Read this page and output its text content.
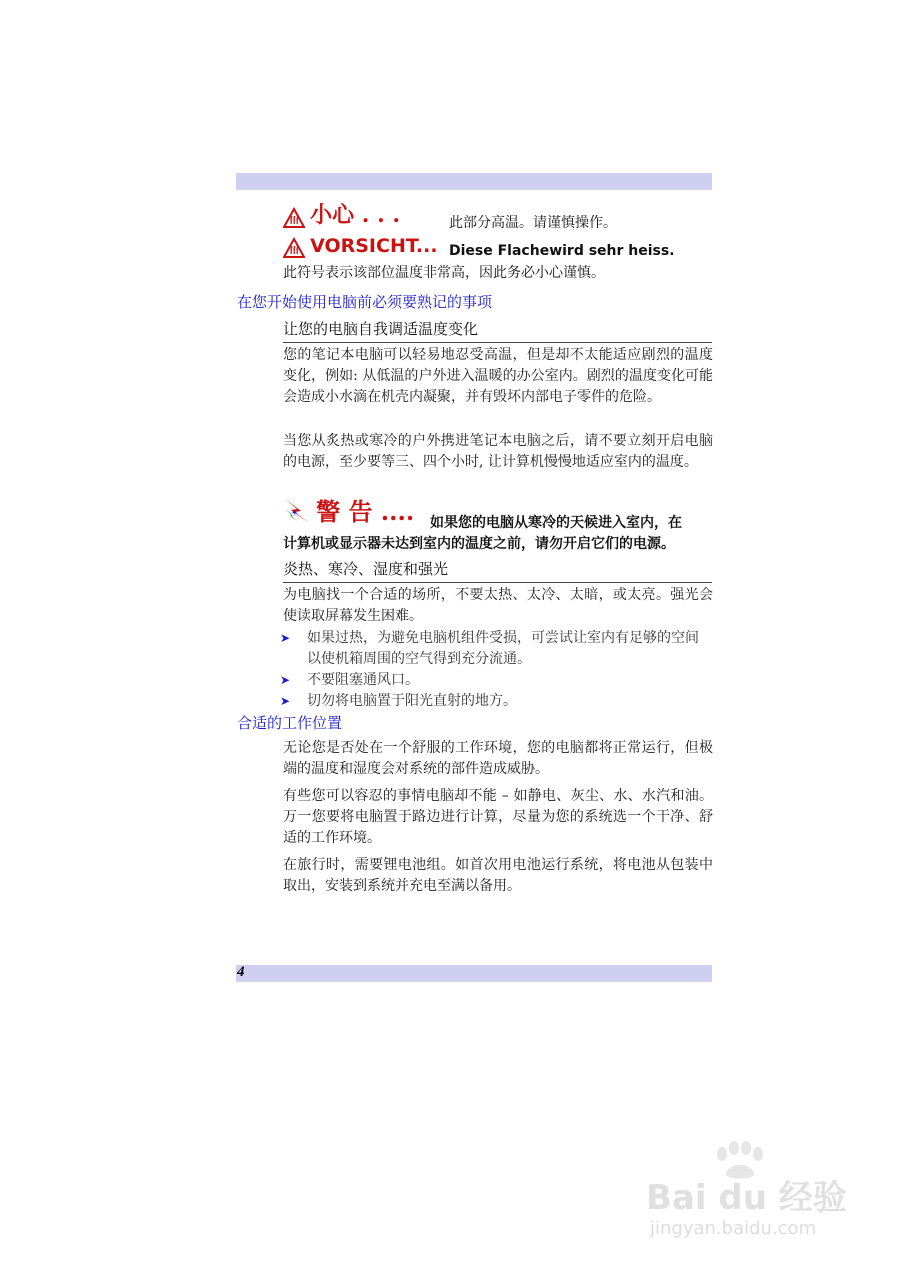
小心 . . .	此部分高温。请谨慎操作。
VORSICHT... Diese Flachewird sehr heiss.
此符号表示该部位温度非常高，因此务必小心谨慎。
在您开始使用电脑前必须要熟记的事项
让您的电脑自我调适温度变化
您的笔记本电脑可以轻易地忍受高温，但是却不太能适应剧烈的温度变化，例如: 从低温的户外进入温暖的办公室内。剧烈的温度变化可能会造成小水滴在机壳内凝聚，并有毁坏内部电子零件的危险。
当您从炙热或寒冷的户外携进笔记本电脑之后，请不要立刻开启电脑的电源，至少要等三、四个小时, 让计算机慢慢地适应室内的温度。
警 告 .... 如果您的电脑从寒冷的天候进入室内，在
计算机或显示器未达到室内的温度之前，请勿开启它们的电源。
炎热、寒冷、湿度和强光
为电脑找一个合适的场所，不要太热、太冷、太暗，或太亮。强光会使读取屏幕发生困难。
➤ 如果过热，为避免电脑机组件受损，可尝试让室内有足够的空间以使机箱周围的空气得到充分流通。
➤ 不要阻塞通风口。
➤ 切勿将电脑置于阳光直射的地方。
合适的工作位置
无论您是否处在一个舒服的工作环境，您的电脑都将正常运行，但极端的温度和湿度会对系统的部件造成威胁。
有些您可以容忍的事情电脑却不能 – 如静电、灰尘、水、水汽和油。万一您要将电脑置于路边进行计算，尽量为您的系统选一个干净、舒适的工作环境。
在旅行时，需要锂电池组。如首次用电池运行系统，将电池从包装中取出，安装到系统并充电至满以备用。
4
Bai du 经验
jingyan.baidu.com
